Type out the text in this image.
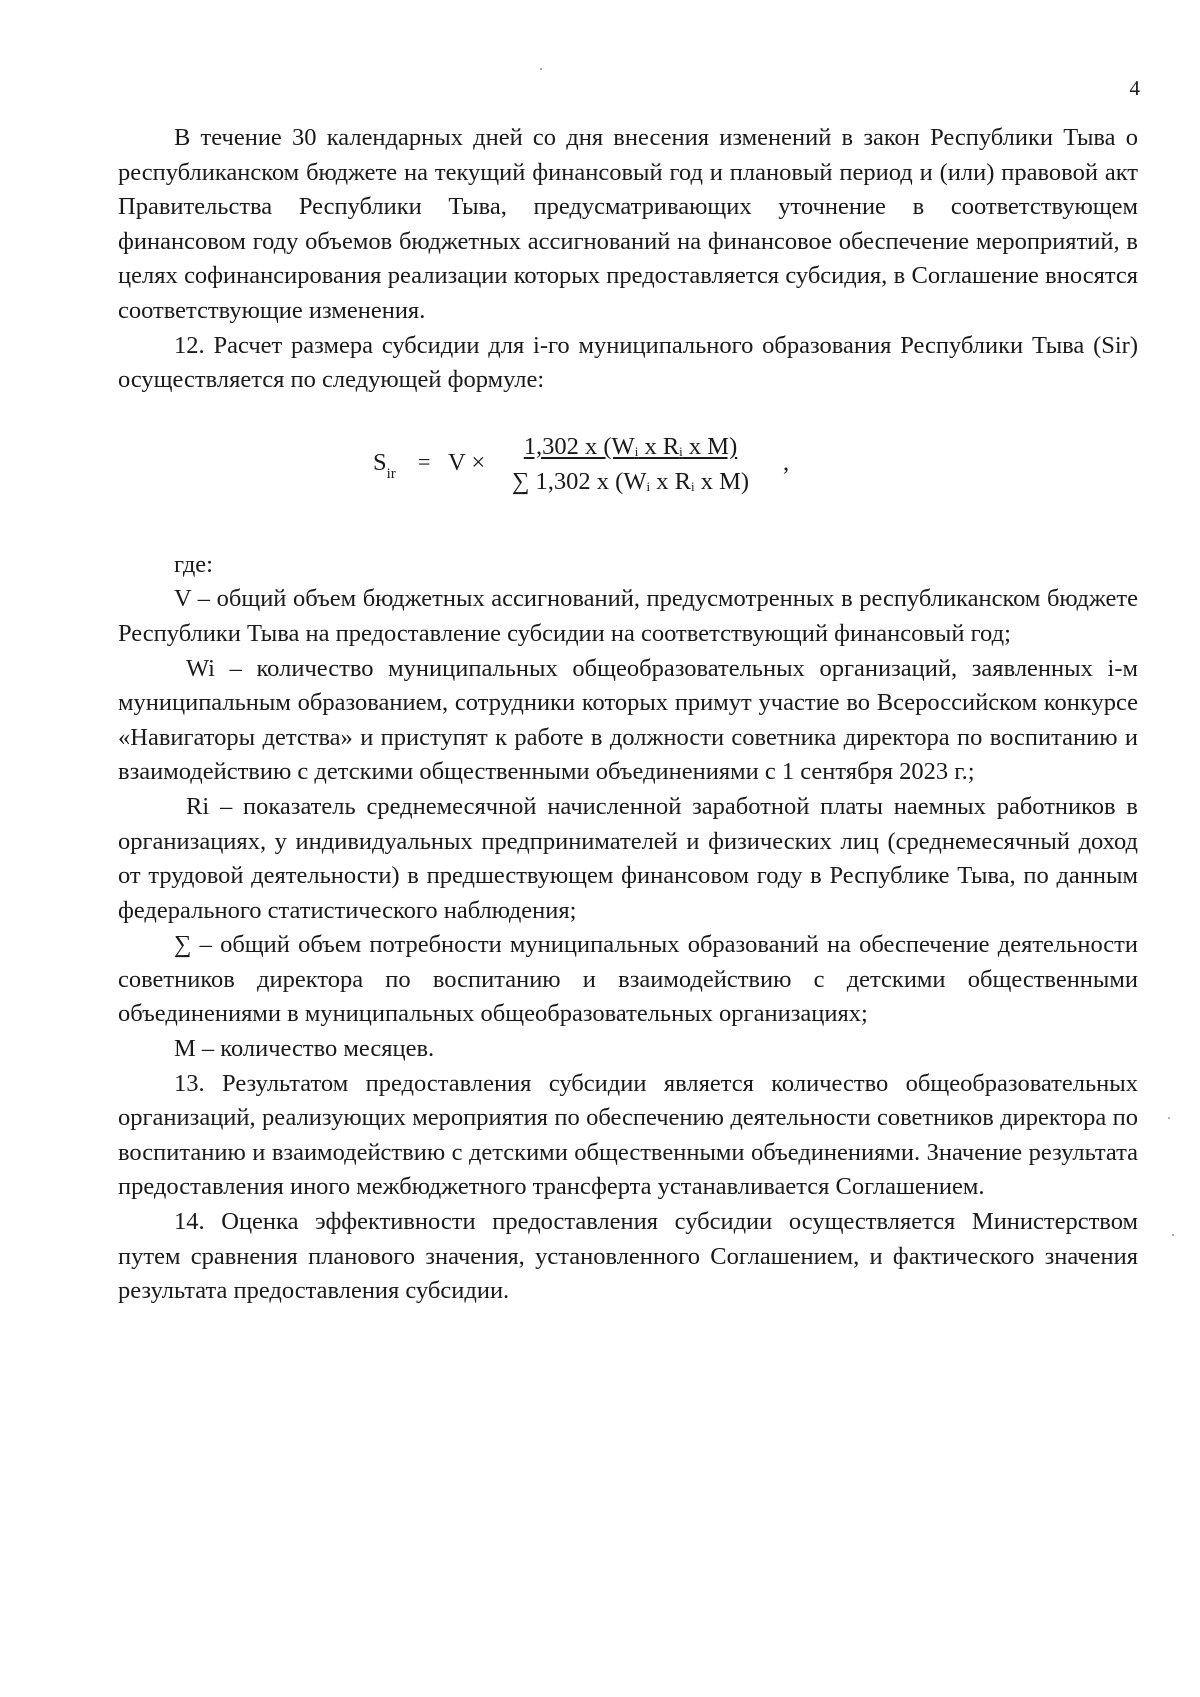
4

В течение 30 календарных дней со дня внесения изменений в закон Республики Тыва о республиканском бюджете на текущий финансовый год и плановый период и (или) правовой акт Правительства Республики Тыва, предусматривающих уточнение в соответствующем финансовом году объемов бюджетных ассигнований на финансовое обеспечение мероприятий, в целях софинансирования реализации которых предоставляется субсидия, в Соглашение вносятся соответствующие изменения.

12. Расчет размера субсидии для i-го муниципального образования Республики Тыва (Sir) осуществляется по следующей формуле:

$S_{ir} = V \times \frac{1,302 x (W_i x R_i x M)}{\sum 1,302 x (W_i x R_i x M)}$ ,

где:

V – общий объем бюджетных ассигнований, предусмотренных в республиканском бюджете Республики Тыва на предоставление субсидии на соответствующий финансовый год;

Wi – количество муниципальных общеобразовательных организаций, заявленных i-м муниципальным образованием, сотрудники которых примут участие во Всероссийском конкурсе «Навигаторы детства» и приступят к работе в должности советника директора по воспитанию и взаимодействию с детскими общественными объединениями с 1 сентября 2023 г.;

Ri – показатель среднемесячной начисленной заработной платы наемных работников в организациях, у индивидуальных предпринимателей и физических лиц (среднемесячный доход от трудовой деятельности) в предшествующем финансовом году в Республике Тыва, по данным федерального статистического наблюдения;

∑ – общий объем потребности муниципальных образований на обеспечение деятельности советников директора по воспитанию и взаимодействию с детскими общественными объединениями в муниципальных общеобразовательных организациях;

М – количество месяцев.

13. Результатом предоставления субсидии является количество общеобразовательных организаций, реализующих мероприятия по обеспечению деятельности советников директора по воспитанию и взаимодействию с детскими общественными объединениями. Значение результата предоставления иного межбюджетного трансферта устанавливается Соглашением.

14. Оценка эффективности предоставления субсидии осуществляется Министерством путем сравнения планового значения, установленного Соглашением, и фактического значения результата предоставления субсидии.
